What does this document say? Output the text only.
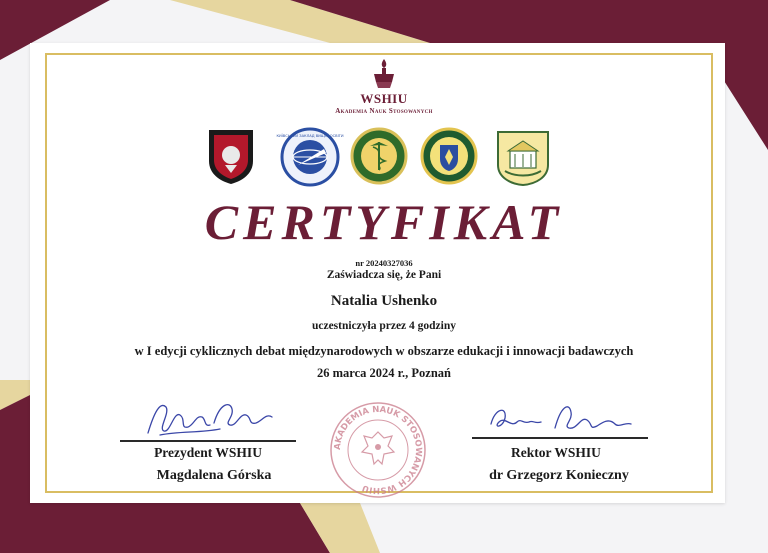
WSHIU
Akademia Nauk Stosowanych
КИЇВСЬКИЙ ЗАКЛАД ВИЩОЇ ОСВІТИ
CERTYFIKAT
nr 20240327036
Zaświadcza się, że Pani
Natalia Ushenko
uczestniczyła przez 4 godziny
w I edycji cyklicznych debat międzynarodowych w obszarze edukacji i innowacji badawczych
26 marca 2024 r., Poznań
Prezydent WSHIU
Magdalena Górska
Rektor WSHIU
dr Grzegorz Konieczny
AKADEMIA NAUK STOSOWANYCH WSHIU
